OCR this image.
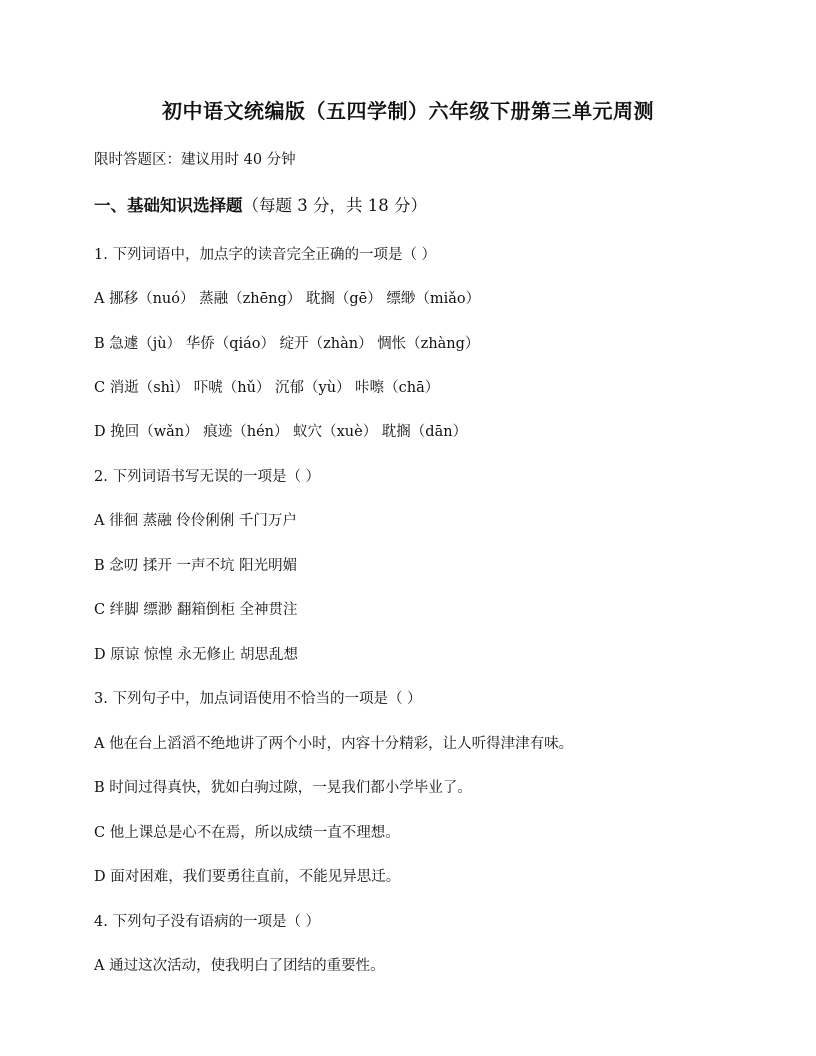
初中语文统编版（五四学制）六年级下册第三单元周测
限时答题区：建议用时 40 分钟
一、基础知识选择题（每题 3 分，共 18 分）
1. 下列词语中，加点字的读音完全正确的一项是（ ）
A 挪移（nuó） 蒸融（zhēng） 耽搁（gē） 缥缈（miǎo）
B 急遽（jù） 华侨（qiáo） 绽开（zhàn） 惆怅（zhàng）
C 消逝（shì） 吓唬（hǔ） 沉郁（yù） 咔嚓（chā）
D 挽回（wǎn） 痕迹（hén） 蚁穴（xuè） 耽搁（dān）
2. 下列词语书写无误的一项是（ ）
A 徘徊 蒸融 伶伶俐俐 千门万户
B 念叨 揉开 一声不坑 阳光明媚
C 绊脚 缥渺 翻箱倒柜 全神贯注
D 原谅 惊惶 永无修止 胡思乱想
3. 下列句子中，加点词语使用不恰当的一项是（ ）
A 他在台上滔滔不绝地讲了两个小时，内容十分精彩，让人听得津津有味。
B 时间过得真快，犹如白驹过隙，一晃我们都小学毕业了。
C 他上课总是心不在焉，所以成绩一直不理想。
D 面对困难，我们要勇往直前，不能见异思迁。
4. 下列句子没有语病的一项是（ ）
A 通过这次活动，使我明白了团结的重要性。
